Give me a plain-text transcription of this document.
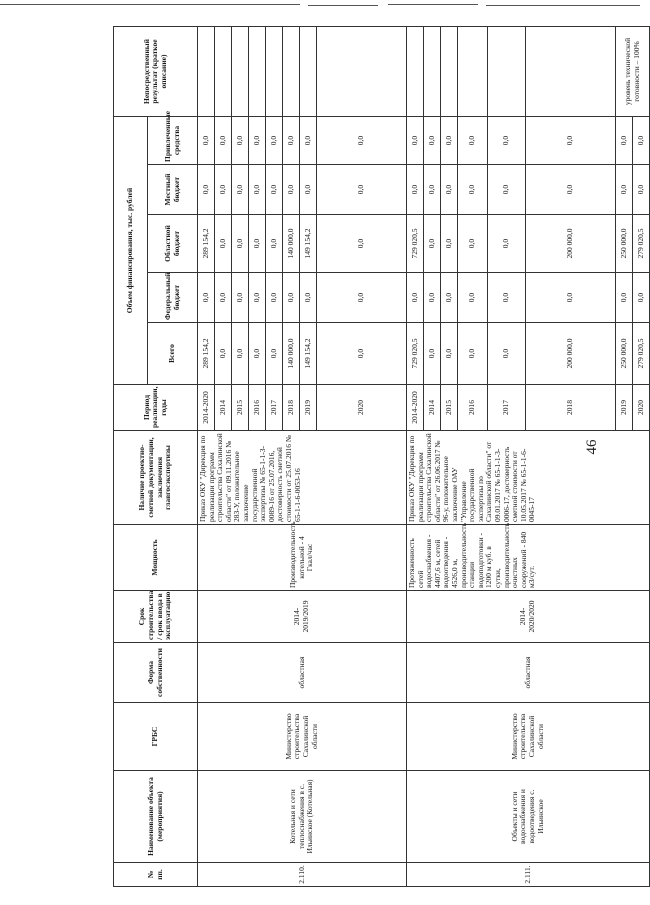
46
№ пп.	Наименование объекта (мероприятия)	ГРБС	Форма собственности	Срок строительства / срок ввода в эксплуатацию	Мощность	Наличие проектно-сметной документации, заключения главгосэкспертизы	Период реализации, годы	Объем финансирования, тыс. рублей					Непосредственный результат (краткое описание)
								Всего	Федеральный бюджет	Областной бюджет	Местный бюджет	Привлеченные средства	
2.110.	Котельная и сети теплоснабжения в с. Ильинское (Котельная)	Министерство строительства Сахалинской области	областная	2014-2019/2019	Производительность котельной - 4 Гкал/час	Приказ ОКУ "Дирекция по реализации программ строительства Сахалинской области" от 09.11.2016 № 283-У, положительное заключение государственной экспертизы № 65-1-1-3-0089-16 от 25.07.2016, достоверность сметной стоимости от 25.07.2016 № 65-1-1-6-0053-16	2014-2020	289 154,2	0,0	289 154,2	0,0	0,0	
							2014	0,0	0,0	0,0	0,0	0,0	
							2015	0,0	0,0	0,0	0,0	0,0	
							2016	0,0	0,0	0,0	0,0	0,0	
							2017	0,0	0,0	0,0	0,0	0,0	
							2018	140 000,0	0,0	140 000,0	0,0	0,0	
							2019	149 154,2	0,0	149 154,2	0,0	0,0	
							2020	0,0	0,0	0,0	0,0	0,0	
2.111.	Объекты и сети водоснабжения и водоотведения с. Ильинское	Министерство строительства Сахалинской области	областная	2014-2020/2020	Протяженность сетей водоснабжения - 4407,6 м, сетей водоотведения - 4526,0 м, производительность станции водоподготовки - 1200 м куб. в сутки, производительность очистных сооружений - 840 м3/сут.	Приказ ОКУ "Дирекция по реализации программ строительства Сахалинской области" от 26.06.2017 № 96-у, положительное заключение ОАУ "Управление государственной экспертизы по Сахалинской области" от 09.01.2017 № 65-1-1-3-0006-17, достоверность сметной стоимости от 10.05.2017 № 65-1-1-6-0045-17	2014-2020	729 020,5	0,0	729 020,5	0,0	0,0	
							2014	0,0	0,0	0,0	0,0	0,0	
							2015	0,0	0,0	0,0	0,0	0,0	
							2016	0,0	0,0	0,0	0,0	0,0	
							2017	0,0	0,0	0,0	0,0	0,0	
							2018	200 000,0	0,0	200 000,0	0,0	0,0	
							2019	250 000,0	0,0	250 000,0	0,0	0,0	уровень технической готовности – 100%
							2020	279 020,5	0,0	279 020,5	0,0	0,0	
